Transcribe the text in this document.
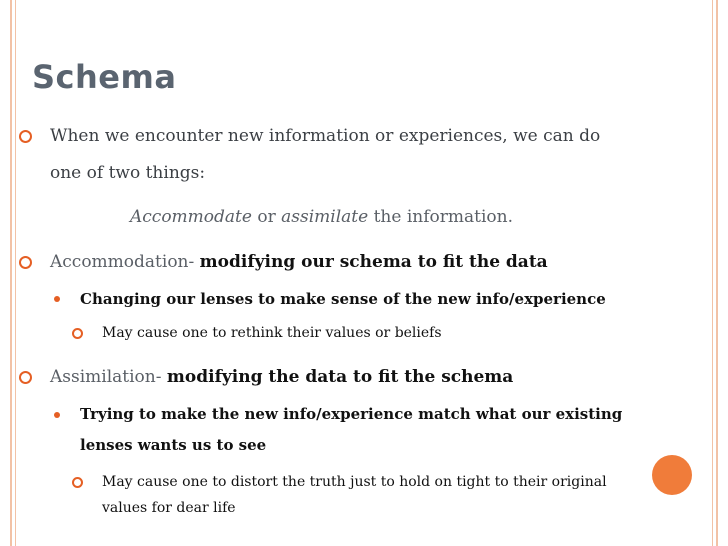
Schema
When we encounter new information or experiences, we can do
one of two things:
Accommodate or assimilate the information.
Accommodation- modifying our schema to fit the data
Changing our lenses to make sense of the new info/experience
May cause one to rethink their values or beliefs
Assimilation- modifying the data to fit the schema
Trying to make the new info/experience match what our existing
lenses wants us to see
May cause one to distort the truth just to hold on tight to their original
values for dear life
